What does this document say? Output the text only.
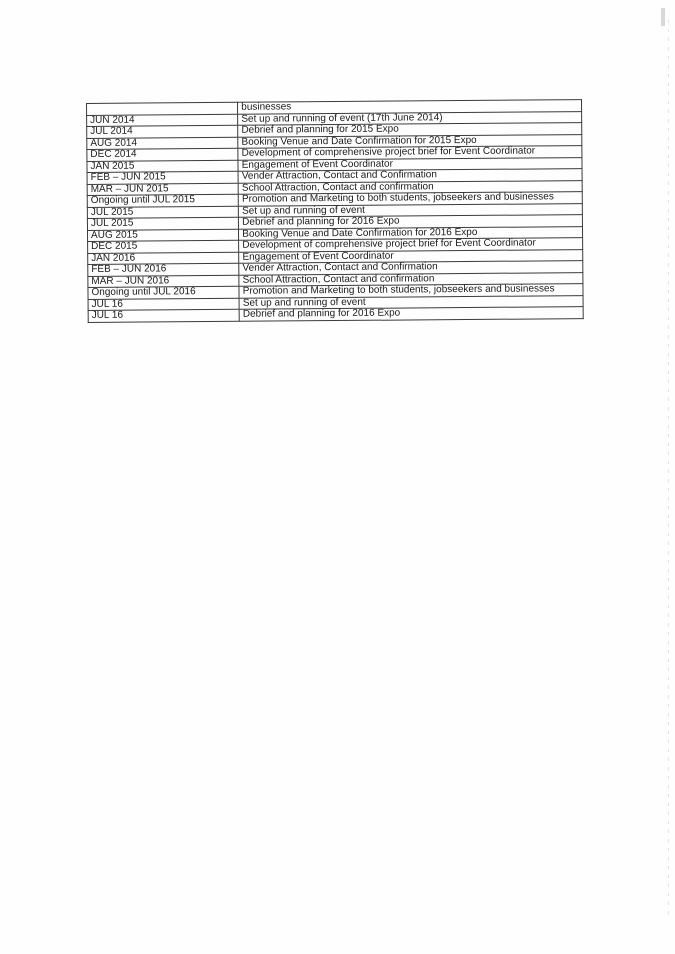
	businesses
JUN 2014	Set up and running of event (17th June 2014)
JUL 2014	Debrief and planning for 2015 Expo
AUG 2014	Booking Venue and Date Confirmation for 2015 Expo
DEC 2014	Development of comprehensive project brief for Event Coordinator
JAN 2015	Engagement of Event Coordinator
FEB – JUN 2015	Vender Attraction, Contact and Confirmation
MAR – JUN 2015	School Attraction, Contact and confirmation
Ongoing until JUL 2015	Promotion and Marketing to both students, jobseekers and businesses
JUL 2015	Set up and running of event
JUL 2015	Debrief and planning for 2016 Expo
AUG 2015	Booking Venue and Date Confirmation for 2016 Expo
DEC 2015	Development of comprehensive project brief for Event Coordinator
JAN 2016	Engagement of Event Coordinator
FEB – JUN 2016	Vender Attraction, Contact and Confirmation
MAR – JUN 2016	School Attraction, Contact and confirmation
Ongoing until JUL 2016	Promotion and Marketing to both students, jobseekers and businesses
JUL 16	Set up and running of event
JUL 16	Debrief and planning for 2016 Expo
